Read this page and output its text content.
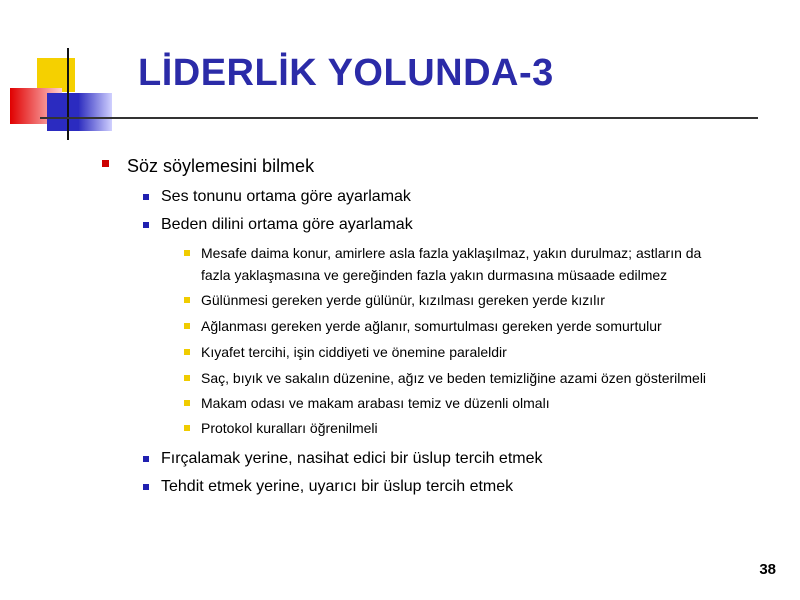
LİDERLİK YOLUNDA-3
Söz söylemesini bilmek
Ses tonunu ortama göre ayarlamak
Beden dilini ortama göre ayarlamak
Mesafe daima konur, amirlere asla fazla yaklaşılmaz, yakın durulmaz; astların da
fazla yaklaşmasına ve gereğinden fazla yakın durmasına müsaade edilmez
Gülünmesi gereken yerde gülünür, kızılması gereken yerde kızılır
Ağlanması gereken yerde ağlanır, somurtulması gereken yerde somurtulur
Kıyafet tercihi, işin ciddiyeti ve önemine paraleldir
Saç, bıyık ve sakalın düzenine, ağız ve beden temizliğine azami özen gösterilmeli
Makam odası ve makam arabası temiz ve düzenli olmalı
Protokol kuralları öğrenilmeli
Fırçalamak yerine, nasihat edici bir üslup tercih etmek
Tehdit etmek yerine, uyarıcı bir üslup tercih etmek
38
